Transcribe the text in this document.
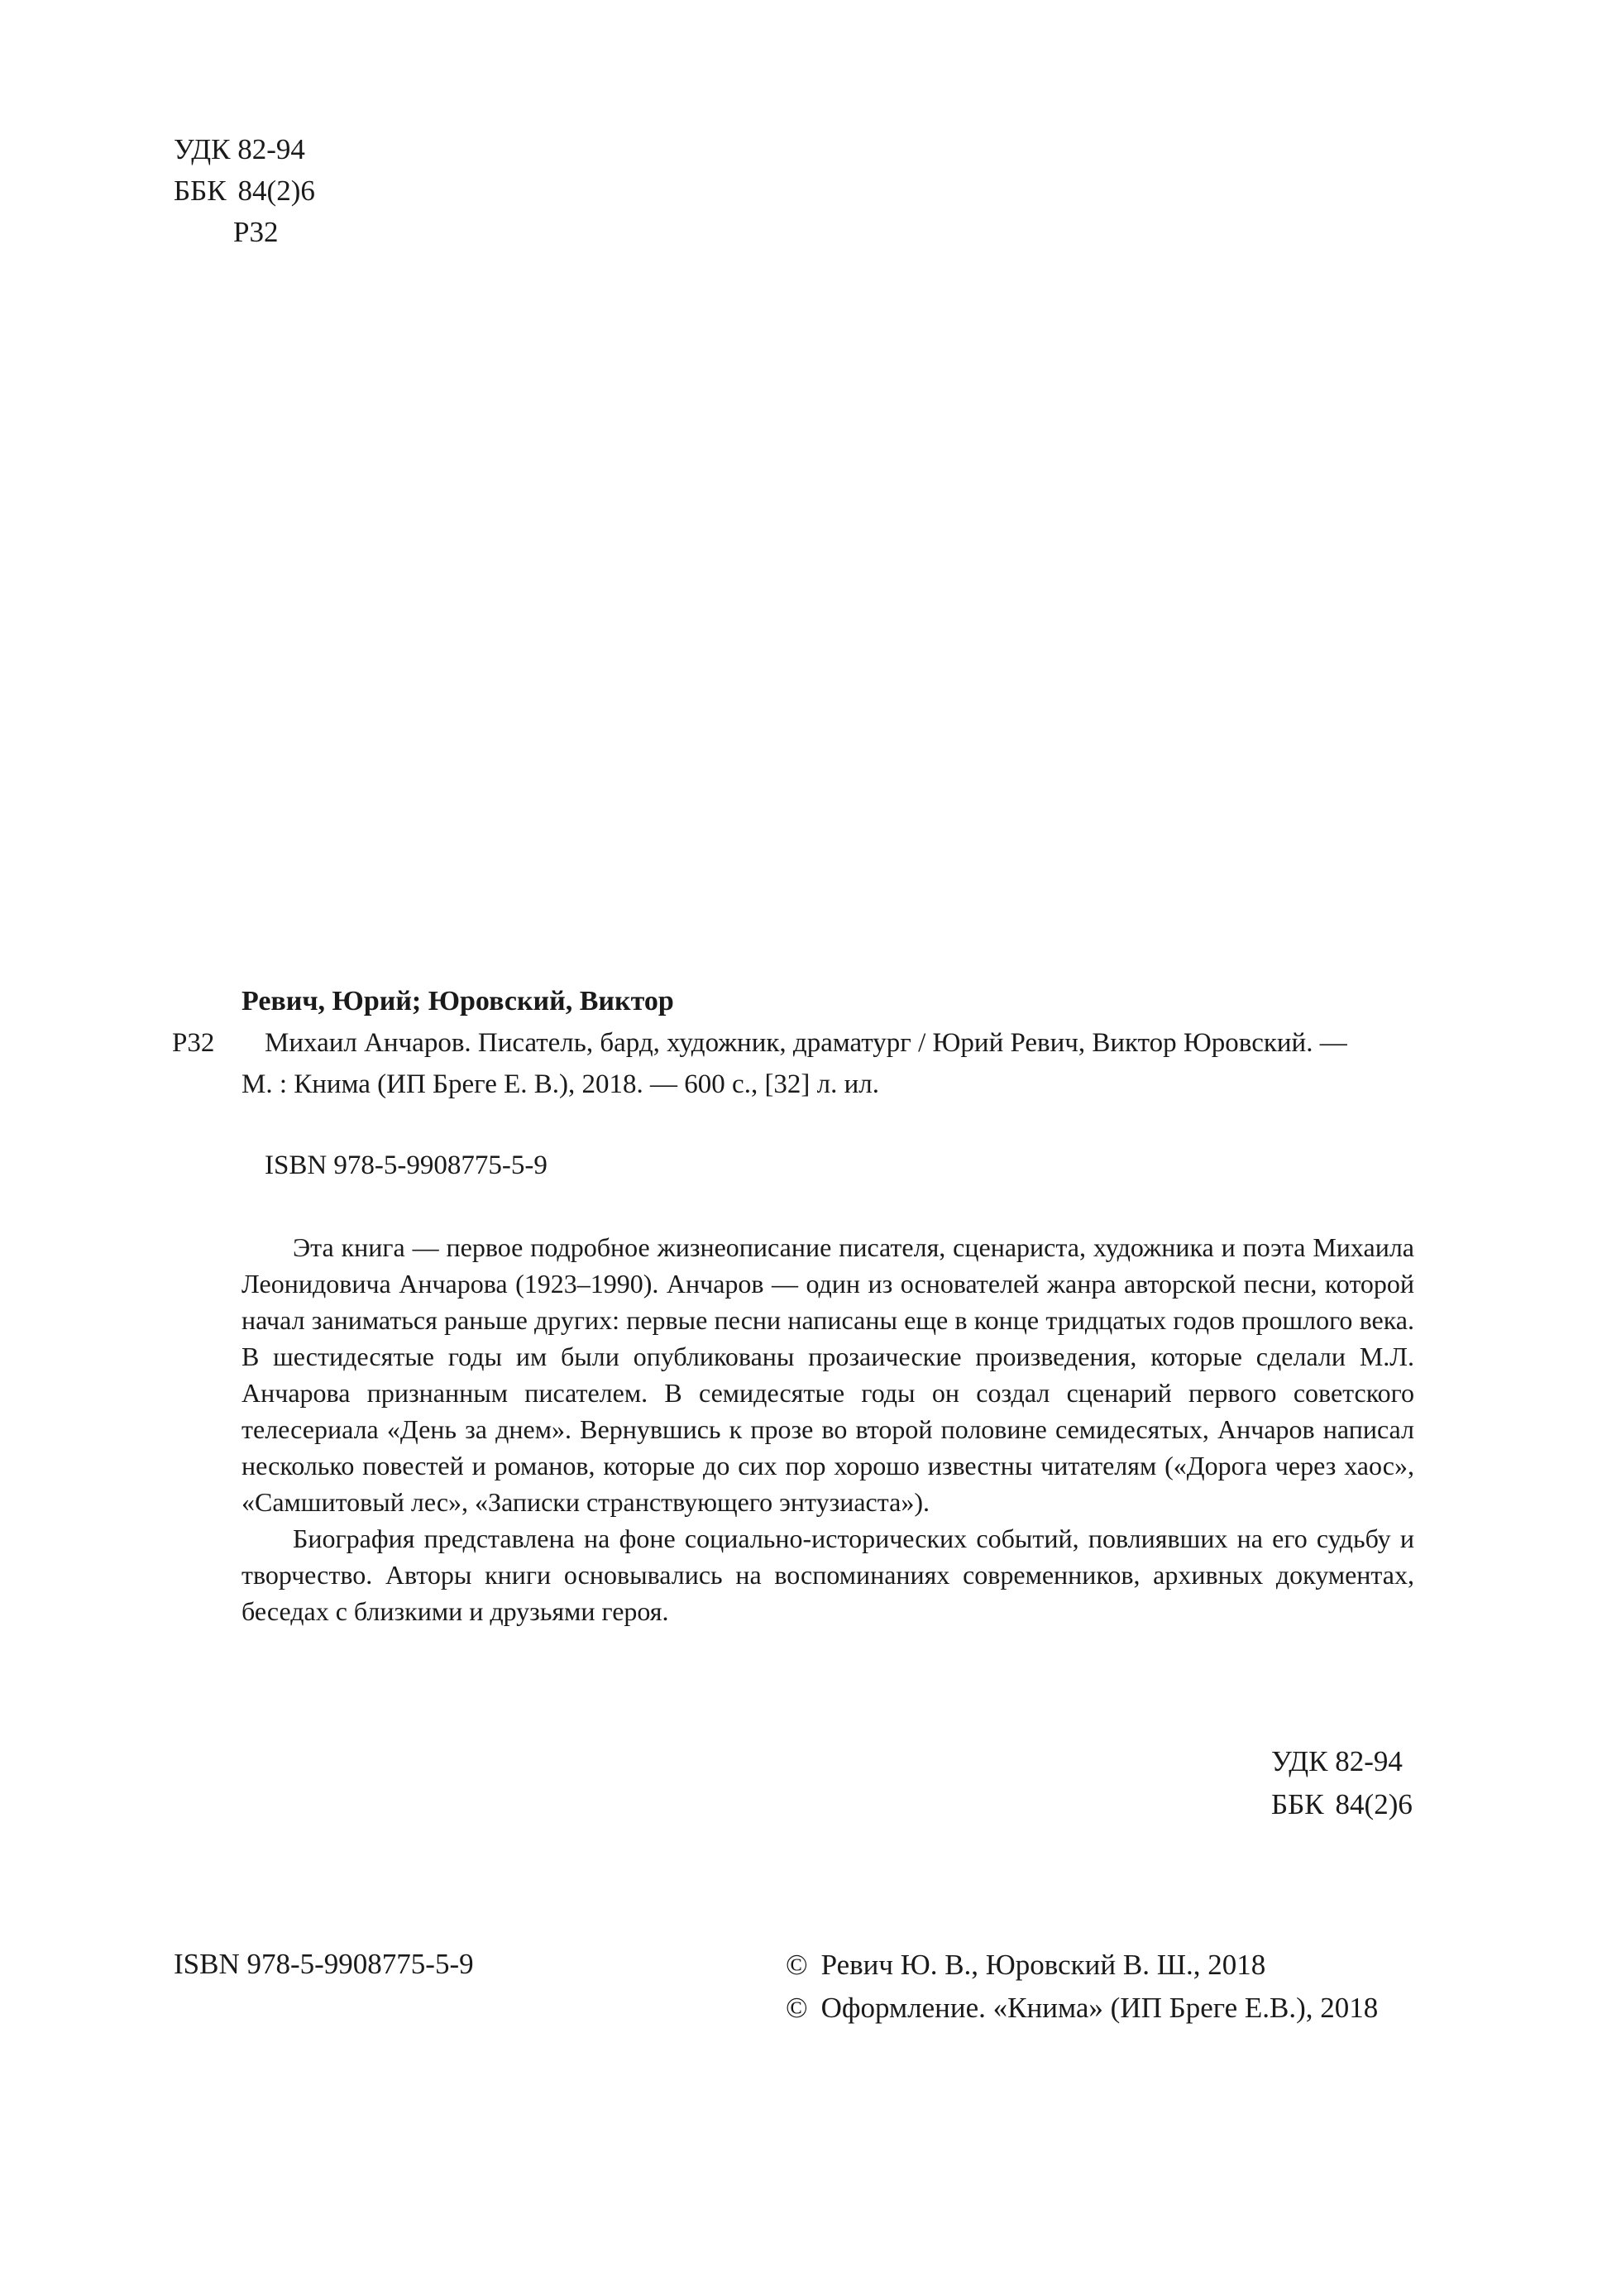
УДК 82-94
ББК 84(2)6
Р32
Ревич, Юрий; Юровский, Виктор
Р32 Михаил Анчаров. Писатель, бард, художник, драматург / Юрий Ревич, Виктор Юровский. —
М. : Книма (ИП Бреге Е. В.), 2018. — 600 с., [32] л. ил.
ISBN 978-5-9908775-5-9

Эта книга — первое подробное жизнеописание писателя, сценариста, художника и поэта Михаила Леонидовича Анчарова (1923–1990). Анчаров — один из основателей жанра авторской песни, которой начал заниматься раньше других: первые песни написаны еще в конце тридцатых годов прошлого века. В шестидесятые годы им были опубликованы прозаические произведения, которые сделали М.Л. Анчарова признанным писателем. В семидесятые годы он создал сценарий первого советского телесериала «День за днем». Вернувшись к прозе во второй половине семидесятых, Анчаров написал несколько повестей и романов, которые до сих пор хорошо известны читателям («Дорога через хаос», «Самшитовый лес», «Записки странствующего энтузиаста»).

Биография представлена на фоне социально-исторических событий, повлиявших на его судьбу и творчество. Авторы книги основывались на воспоминаниях современников, архивных документах, беседах с близкими и друзьями героя.

УДК 82-94
ББК 84(2)6
ISBN 978-5-9908775-5-9	© Ревич Ю. В., Юровский В. Ш., 2018
© Оформление. «Книма» (ИП Бреге Е.В.), 2018
